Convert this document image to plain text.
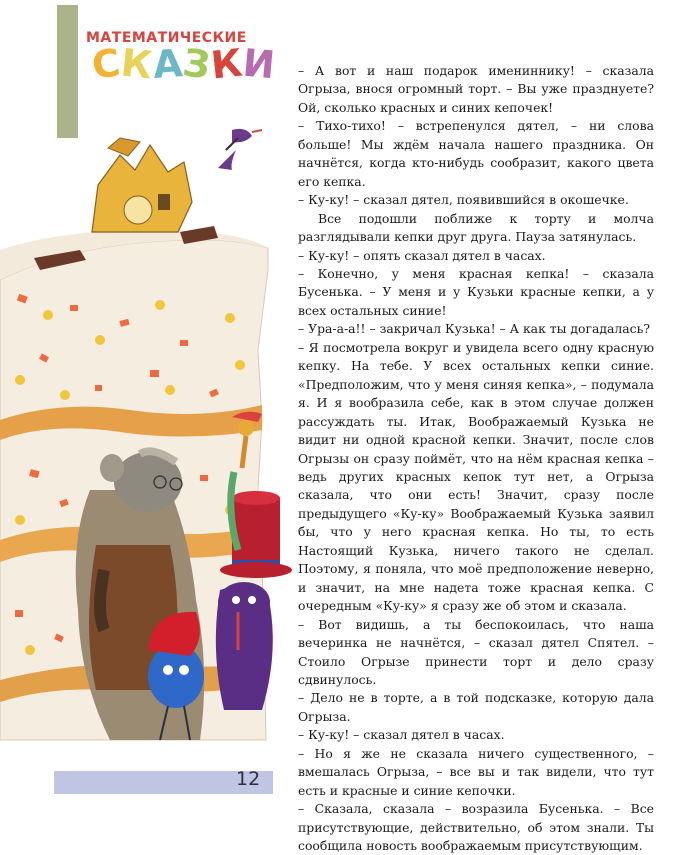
МАТЕМАТИЧЕСКИЕ
СКАЗКИ – А вот и наш подарок имениннику! – сказала Огрыза, внося огромный торт. – Вы уже празднуете? Ой, сколько красных и синих кепочек!

– Тихо-тихо! – встрепенулся дятел, – ни слова больше! Мы ждём начала нашего праздника. Он начнётся, когда кто-нибудь сообразит, какого цвета его кепка.

– Ку-ку! – сказал дятел, появившийся в окошечке.

Все подошли поближе к торту и молча разглядывали кепки друг друга. Пауза затянулась.

– Ку-ку! – опять сказал дятел в часах.

– Конечно, у меня красная кепка! – сказала Бусенька. – У меня и у Кузьки красные кепки, а у всех остальных синие!

– Ура-а-а!! – закричал Кузька! – А как ты догадалась?

– Я посмотрела вокруг и увидела всего одну красную кепку. На тебе. У всех остальных кепки синие. «Предположим, что у меня синяя кепка», – подумала я. И я вообразила себе, как в этом случае должен рассуждать ты. Итак, Воображаемый Кузька не видит ни одной красной кепки. Значит, после слов Огрызы он сразу поймёт, что на нём красная кепка – ведь других красных кепок тут нет, а Огрыза сказала, что они есть! Значит, сразу после предыдущего «Ку-ку» Воображаемый Кузька заявил бы, что у него красная кепка. Но ты, то есть Настоящий Кузька, ничего такого не сделал. Поэтому, я поняла, что моё предположение неверно, и значит, на мне надета тоже красная кепка. С очередным «Ку-ку» я сразу же об этом и сказала.

– Вот видишь, а ты беспокоилась, что наша вечеринка не начнётся, – сказал дятел Спятел. – Стоило Огрызе принести торт и дело сразу сдвинулось.

– Дело не в торте, а в той подсказке, которую дала Огрыза.

– Ку-ку! – сказал дятел в часах.

– Но я же не сказала ничего существенного, – вмешалась Огрыза, – все вы и так видели, что тут есть и красные и синие кепочки.

– Сказала, сказала – возразила Бусенька. – Все присутствующие, действительно, об этом знали. Ты сообщила новость воображаемым присутствующим.

12
